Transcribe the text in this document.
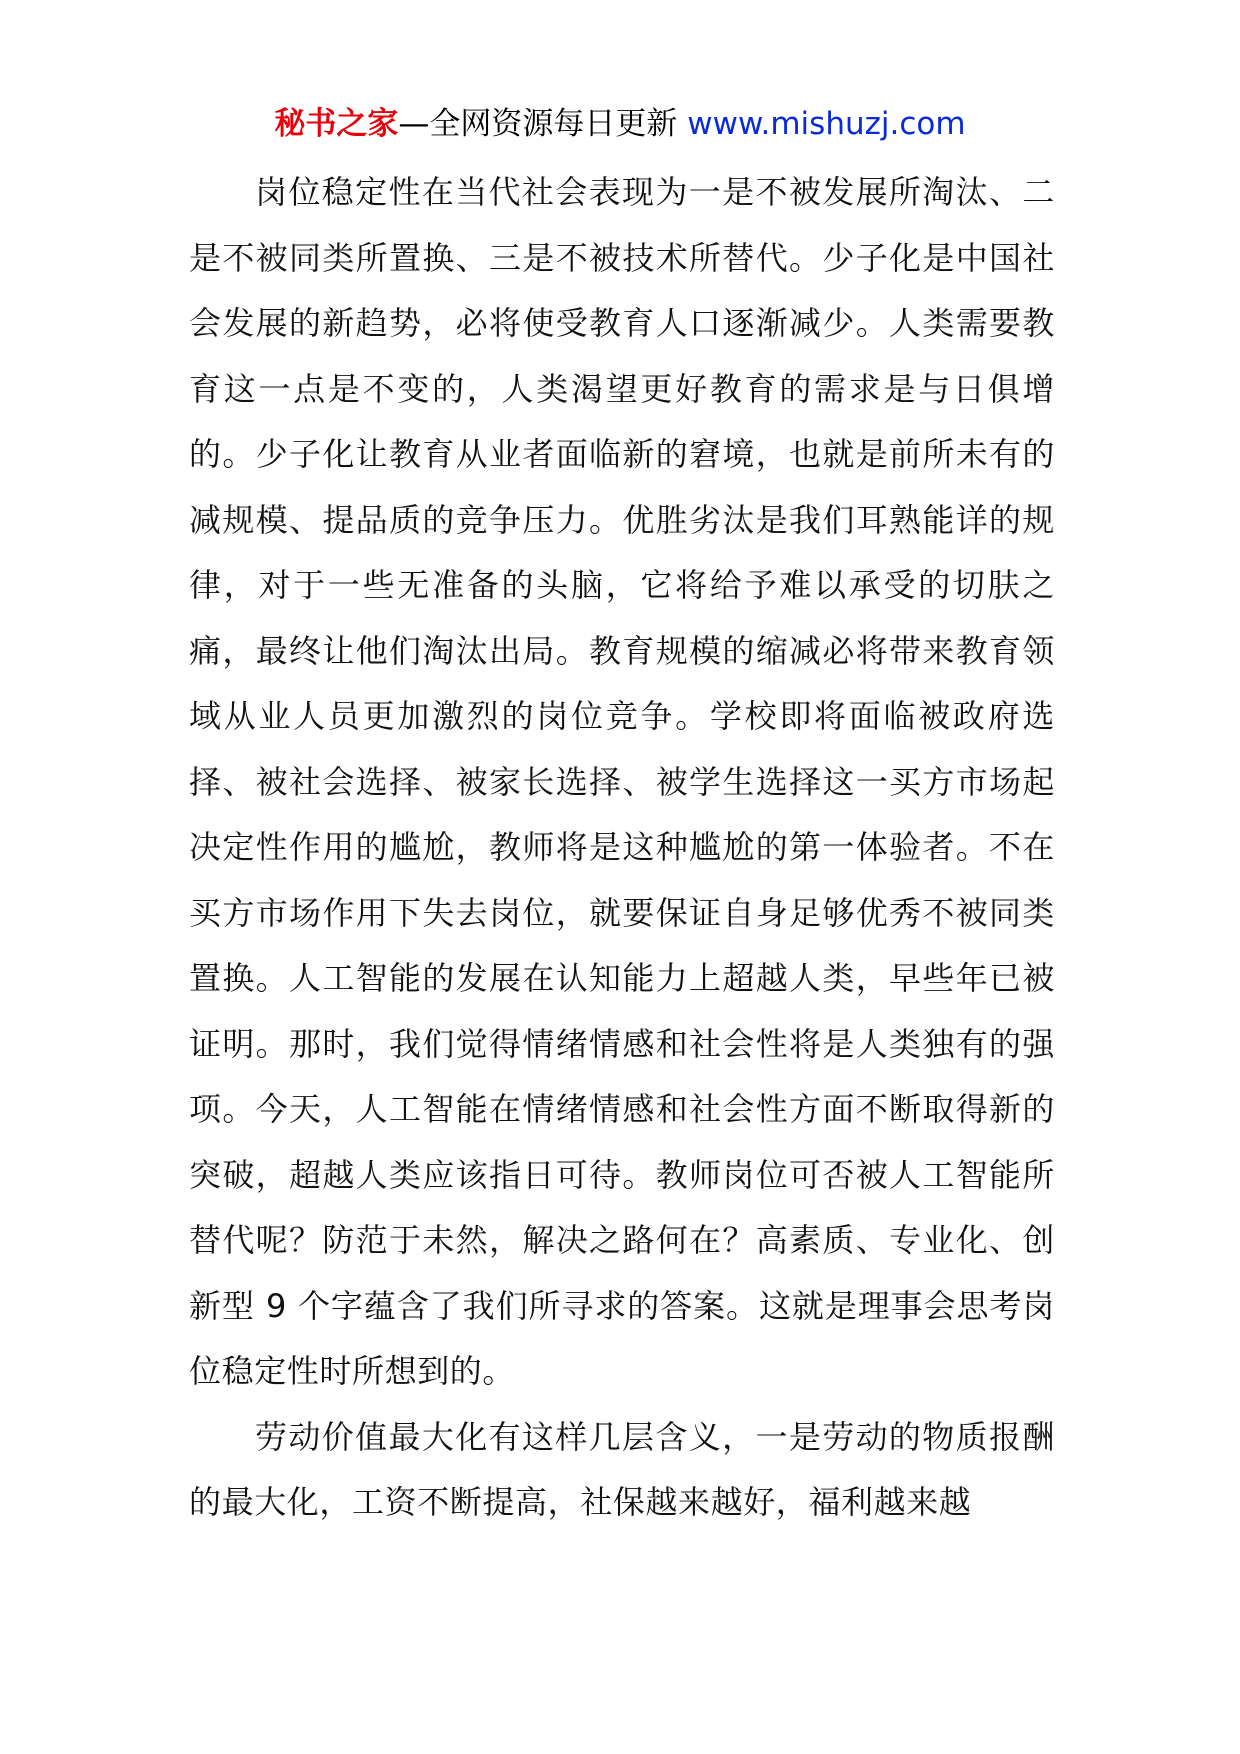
秘书之家—全网资源每日更新 www.mishuzj.com

岗位稳定性在当代社会表现为一是不被发展所淘汰、二是不被同类所置换、三是不被技术所替代。少子化是中国社会发展的新趋势，必将使受教育人口逐渐减少。人类需要教育这一点是不变的，人类渴望更好教育的需求是与日俱增的。少子化让教育从业者面临新的窘境，也就是前所未有的减规模、提品质的竞争压力。优胜劣汰是我们耳熟能详的规律，对于一些无准备的头脑，它将给予难以承受的切肤之痛，最终让他们淘汰出局。教育规模的缩减必将带来教育领域从业人员更加激烈的岗位竞争。学校即将面临被政府选择、被社会选择、被家长选择、被学生选择这一买方市场起决定性作用的尴尬，教师将是这种尴尬的第一体验者。不在买方市场作用下失去岗位，就要保证自身足够优秀不被同类置换。人工智能的发展在认知能力上超越人类，早些年已被证明。那时，我们觉得情绪情感和社会性将是人类独有的强项。今天，人工智能在情绪情感和社会性方面不断取得新的突破，超越人类应该指日可待。教师岗位可否被人工智能所替代呢？防范于未然，解决之路何在？高素质、专业化、创新型 9 个字蕴含了我们所寻求的答案。这就是理事会思考岗位稳定性时所想到的。

劳动价值最大化有这样几层含义，一是劳动的物质报酬的最大化，工资不断提高，社保越来越好，福利越来越
